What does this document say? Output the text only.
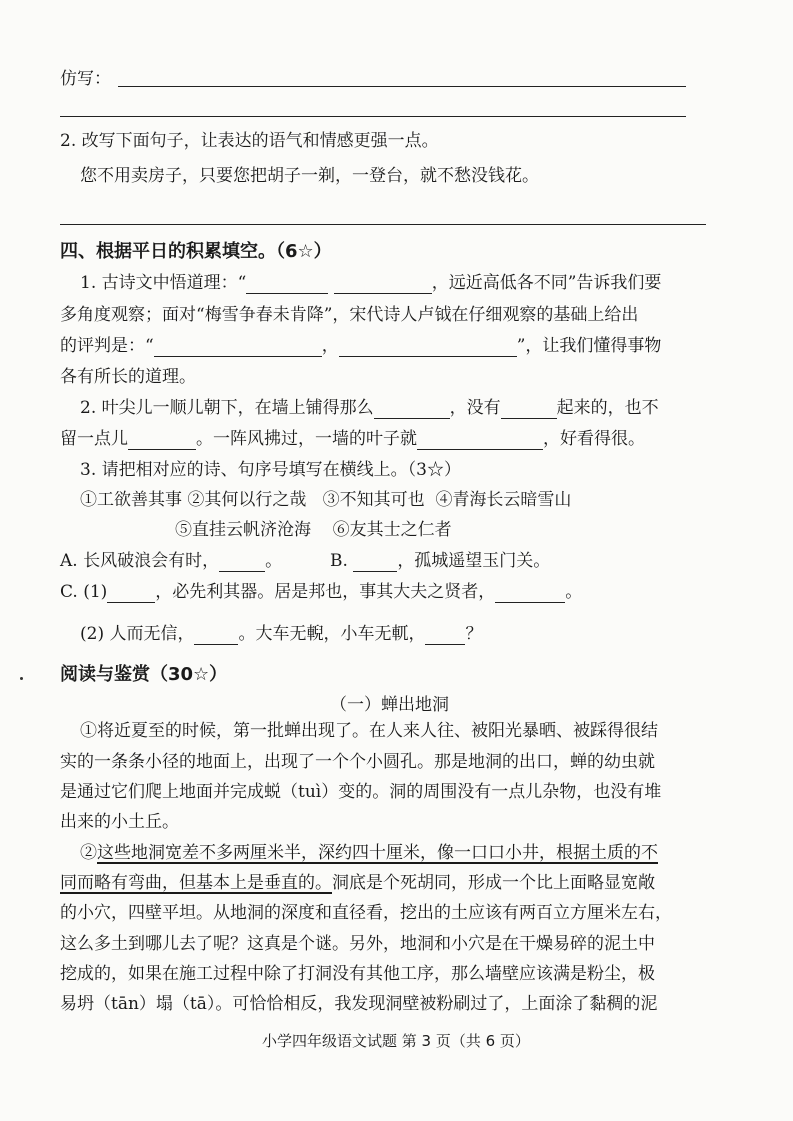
仿写：
2. 改写下面句子，让表达的语气和情感更强一点。
您不用卖房子，只要您把胡子一剃，一登台，就不愁没钱花。
四、根据平日的积累填空。（6☆）
1. 古诗文中悟道理：“	，远近高低各不同”告诉我们要
多角度观察；面对“梅雪争春未肯降”，宋代诗人卢钺在仔细观察的基础上给出
的评判是：“	，	”，让我们懂得事物
各有所长的道理。
2. 叶尖儿一顺儿朝下，在墙上铺得那么	，没有	起来的，也不
留一点儿	。一阵风拂过，一墙的叶子就	，好看得很。
3. 请把相对应的诗、句序号填写在横线上。（3☆）
①工欲善其事 ②其何以行之哉 ③不知其可也 ④青海长云暗雪山
⑤直挂云帆济沧海 ⑥友其士之仁者
A. 长风破浪会有时，	。	B.	，孤城遥望玉门关。
C. (1)	，必先利其器。居是邦也，事其大夫之贤者，	。
(2) 人而无信，	。大车无輗，小车无軏， ？
阅读与鉴赏（30☆）
（一）蝉出地洞
①将近夏至的时候，第一批蝉出现了。在人来人往、被阳光暴晒、被踩得很结
实的一条条小径的地面上，出现了一个个小圆孔。那是地洞的出口，蝉的幼虫就
是通过它们爬上地面并完成蜕（tuì）变的。洞的周围没有一点儿杂物，也没有堆
出来的小土丘。
②这些地洞宽差不多两厘米半，深约四十厘米，像一口口小井，根据土质的不
同而略有弯曲，但基本上是垂直的。洞底是个死胡同，形成一个比上面略显宽敞
的小穴，四壁平坦。从地洞的深度和直径看，挖出的土应该有两百立方厘米左右，
这么多土到哪儿去了呢？这真是个谜。另外，地洞和小穴是在干燥易碎的泥土中
挖成的，如果在施工过程中除了打洞没有其他工序，那么墙壁应该满是粉尘，极
易坍（tān）塌（tā）。可恰恰相反，我发现洞壁被粉刷过了，上面涂了黏稠的泥
小学四年级语文试题 第 3 页（共 6 页）
